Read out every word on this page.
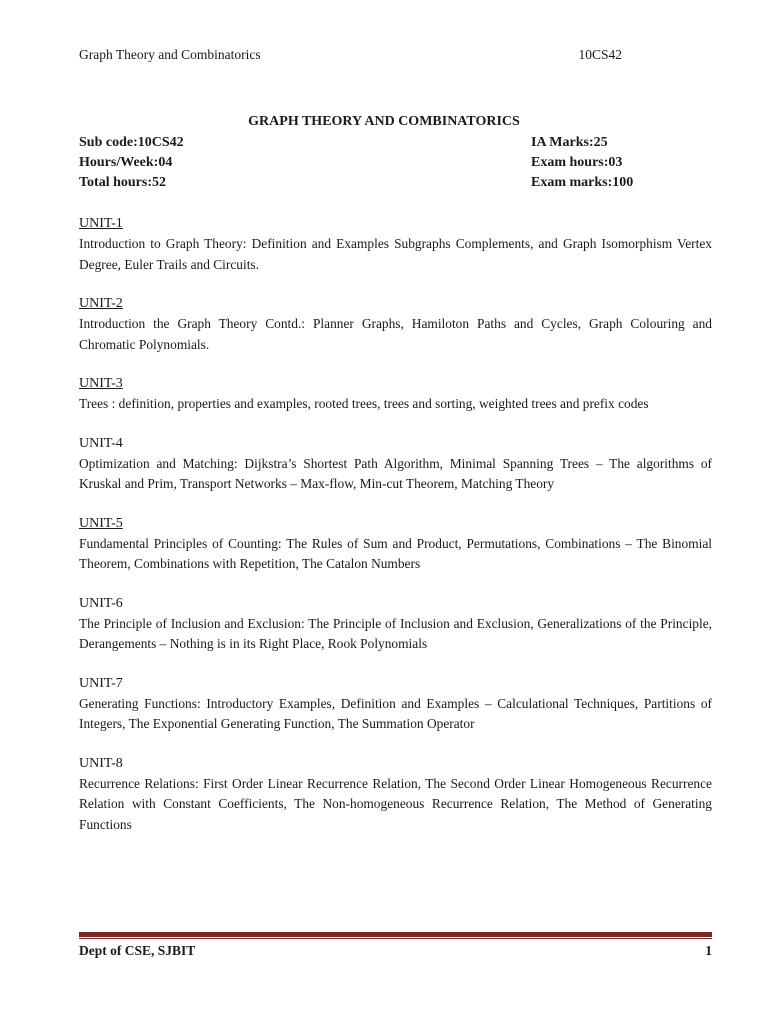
Graph Theory and Combinatorics	10CS42
GRAPH THEORY AND COMBINATORICS
Sub code:10CS42
Hours/Week:04
Total hours:52
IA Marks:25
Exam hours:03
Exam marks:100
UNIT-1
Introduction to Graph Theory: Definition and Examples Subgraphs Complements, and Graph Isomorphism Vertex Degree, Euler Trails and Circuits.
UNIT-2
Introduction the Graph Theory Contd.: Planner Graphs, Hamiloton Paths and Cycles, Graph Colouring and Chromatic Polynomials.
UNIT-3
Trees : definition, properties and examples, rooted trees, trees and sorting, weighted trees and prefix codes
UNIT-4
Optimization and Matching: Dijkstra’s Shortest Path Algorithm, Minimal Spanning Trees – The algorithms of Kruskal and Prim, Transport Networks – Max-flow, Min-cut Theorem, Matching Theory
UNIT-5
Fundamental Principles of Counting: The Rules of Sum and Product, Permutations, Combinations – The Binomial Theorem, Combinations with Repetition, The Catalon Numbers
UNIT-6
The Principle of Inclusion and Exclusion: The Principle of Inclusion and Exclusion, Generalizations of the Principle, Derangements – Nothing is in its Right Place, Rook Polynomials
UNIT-7
Generating Functions: Introductory Examples, Definition and Examples – Calculational Techniques, Partitions of Integers, The Exponential Generating Function, The Summation Operator
UNIT-8
Recurrence Relations: First Order Linear Recurrence Relation, The Second Order Linear Homogeneous Recurrence Relation with Constant Coefficients, The Non-homogeneous Recurrence Relation, The Method of Generating Functions
Dept of CSE, SJBIT	1
